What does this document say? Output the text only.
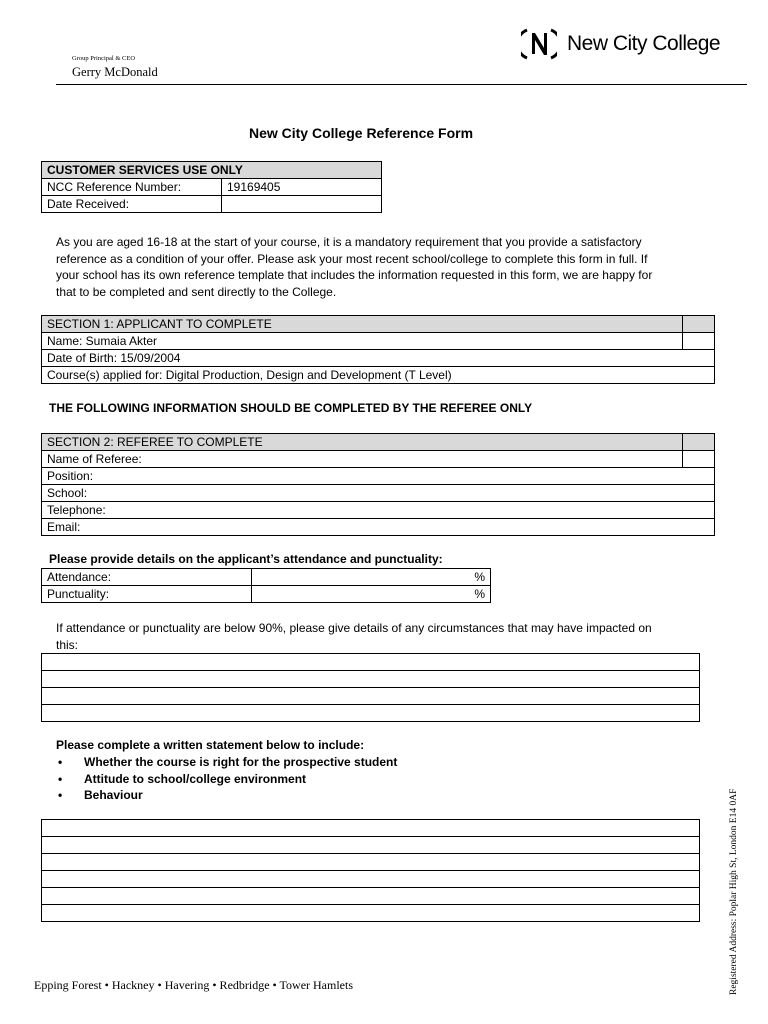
Group Principal & CEO
Gerry McDonald
New City College
New City College Reference Form
CUSTOMER SERVICES USE ONLY	
NCC Reference Number:	19169405
Date Received:	
As you are aged 16-18 at the start of your course, it is a mandatory requirement that you provide a satisfactory reference as a condition of your offer. Please ask your most recent school/college to complete this form in full. If your school has its own reference template that includes the information requested in this form, we are happy for that to be completed and sent directly to the College.
SECTION 1: APPLICANT TO COMPLETE	
Name: Sumaia Akter	
Date of Birth: 15/09/2004	
Course(s) applied for: Digital Production, Design and Development (T Level)	
THE FOLLOWING INFORMATION SHOULD BE COMPLETED BY THE REFEREE ONLY
SECTION 2: REFEREE TO COMPLETE	
Name of Referee:	
Position:	
School:	
Telephone:	
Email:	
Please provide details on the applicant’s attendance and punctuality:
Attendance:	%
Punctuality:	%
If attendance or punctuality are below 90%, please give details of any circumstances that may have impacted on this:

Please complete a written statement below to include:
• Whether the course is right for the prospective student
• Attitude to school/college environment
• Behaviour

Epping Forest • Hackney • Havering • Redbridge • Tower Hamlets	Registered Address: Poplar High St, London E14 0AF
